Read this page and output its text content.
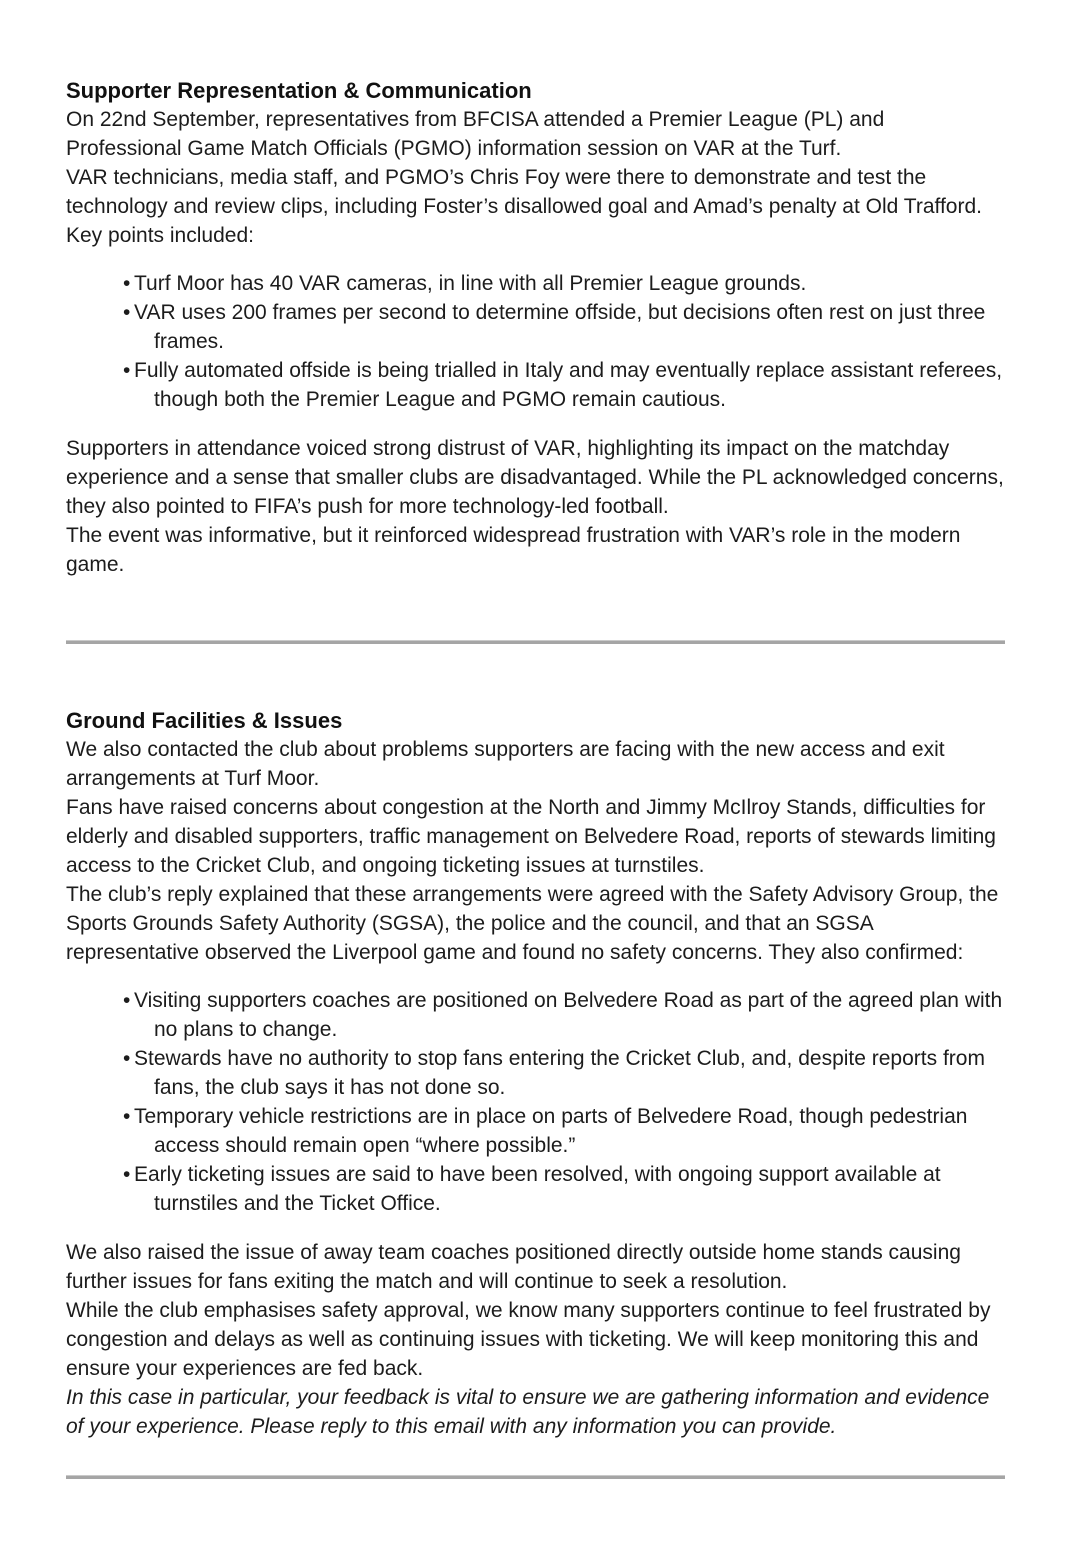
Supporter Representation & Communication

On 22nd September, representatives from BFCISA attended a Premier League (PL) and Professional Game Match Officials (PGMO) information session on VAR at the Turf.

VAR technicians, media staff, and PGMO’s Chris Foy were there to demonstrate and test the technology and review clips, including Foster’s disallowed goal and Amad’s penalty at Old Trafford.

Key points included:

• Turf Moor has 40 VAR cameras, in line with all Premier League grounds.
• VAR uses 200 frames per second to determine offside, but decisions often rest on just three frames.
• Fully automated offside is being trialled in Italy and may eventually replace assistant referees, though both the Premier League and PGMO remain cautious.

Supporters in attendance voiced strong distrust of VAR, highlighting its impact on the matchday experience and a sense that smaller clubs are disadvantaged. While the PL acknowledged concerns, they also pointed to FIFA’s push for more technology-led football.

The event was informative, but it reinforced widespread frustration with VAR’s role in the modern game.

Ground Facilities & Issues

We also contacted the club about problems supporters are facing with the new access and exit arrangements at Turf Moor.

Fans have raised concerns about congestion at the North and Jimmy McIlroy Stands, difficulties for elderly and disabled supporters, traffic management on Belvedere Road, reports of stewards limiting access to the Cricket Club, and ongoing ticketing issues at turnstiles.

The club’s reply explained that these arrangements were agreed with the Safety Advisory Group, the Sports Grounds Safety Authority (SGSA), the police and the council, and that an SGSA representative observed the Liverpool game and found no safety concerns. They also confirmed:

• Visiting supporters coaches are positioned on Belvedere Road as part of the agreed plan with no plans to change.
• Stewards have no authority to stop fans entering the Cricket Club, and, despite reports from fans, the club says it has not done so.
• Temporary vehicle restrictions are in place on parts of Belvedere Road, though pedestrian access should remain open “where possible.”
• Early ticketing issues are said to have been resolved, with ongoing support available at turnstiles and the Ticket Office.

We also raised the issue of away team coaches positioned directly outside home stands causing further issues for fans exiting the match and will continue to seek a resolution.

While the club emphasises safety approval, we know many supporters continue to feel frustrated by congestion and delays as well as continuing issues with ticketing. We will keep monitoring this and ensure your experiences are fed back.

In this case in particular, your feedback is vital to ensure we are gathering information and evidence of your experience. Please reply to this email with any information you can provide.
